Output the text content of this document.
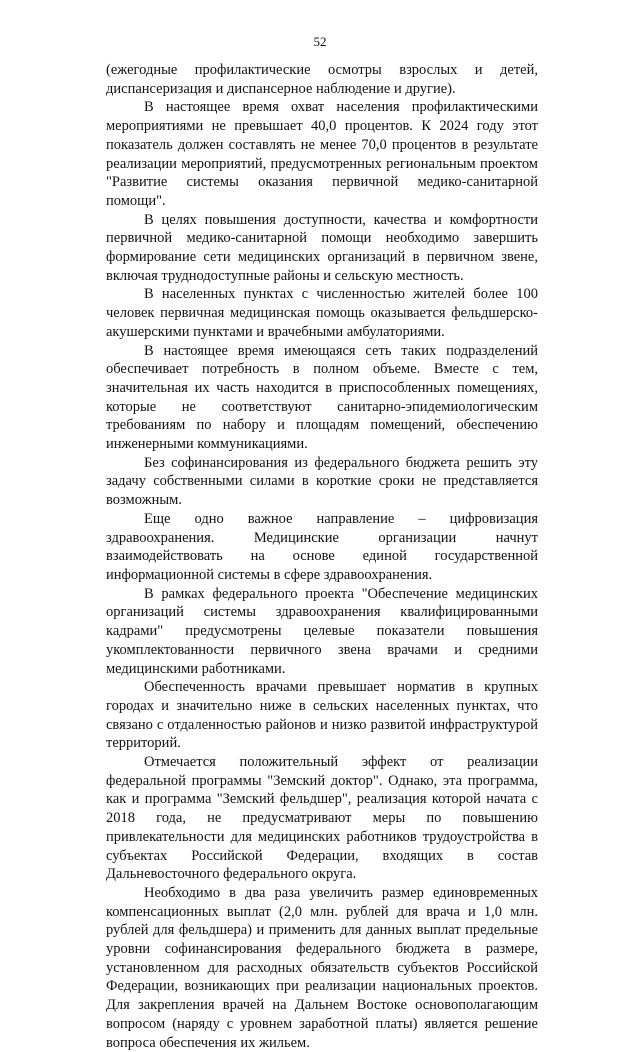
52

(ежегодные профилактические осмотры взрослых и детей, диспансеризация и диспансерное наблюдение и другие).

В настоящее время охват населения профилактическими мероприятиями не превышает 40,0 процентов. К 2024 году этот показатель должен составлять не менее 70,0 процентов в результате реализации мероприятий, предусмотренных региональным проектом "Развитие системы оказания первичной медико-санитарной помощи".

В целях повышения доступности, качества и комфортности первичной медико-санитарной помощи необходимо завершить формирование сети медицинских организаций в первичном звене, включая труднодоступные районы и сельскую местность.

В населенных пунктах с численностью жителей более 100 человек первичная медицинская помощь оказывается фельдшерско-акушерскими пунктами и врачебными амбулаториями.

В настоящее время имеющаяся сеть таких подразделений обеспечивает потребность в полном объеме. Вместе с тем, значительная их часть находится в приспособленных помещениях, которые не соответствуют санитарно-эпидемиологическим требованиям по набору и площадям помещений, обеспечению инженерными коммуникациями.

Без софинансирования из федерального бюджета решить эту задачу собственными силами в короткие сроки не представляется возможным.

Еще одно важное направление – цифровизация здравоохранения. Медицинские организации начнут взаимодействовать на основе единой государственной информационной системы в сфере здравоохранения.

В рамках федерального проекта "Обеспечение медицинских организаций системы здравоохранения квалифицированными кадрами" предусмотрены целевые показатели повышения укомплектованности первичного звена врачами и средними медицинскими работниками.

Обеспеченность врачами превышает норматив в крупных городах и значительно ниже в сельских населенных пунктах, что связано с отдаленностью районов и низко развитой инфраструктурой территорий.

Отмечается положительный эффект от реализации федеральной программы "Земский доктор". Однако, эта программа, как и программа "Земский фельдшер", реализация которой начата с 2018 года, не предусматривают меры по повышению привлекательности для медицинских работников трудоустройства в субъектах Российской Федерации, входящих в состав Дальневосточного федерального округа.

Необходимо в два раза увеличить размер единовременных компенсационных выплат (2,0 млн. рублей для врача и 1,0 млн. рублей для фельдшера) и применить для данных выплат предельные уровни софинансирования федерального бюджета в размере, установленном для расходных обязательств субъектов Российской Федерации, возникающих при реализации национальных проектов. Для закрепления врачей на Дальнем Востоке основополагающим вопросом (наряду с уровнем заработной платы) является решение вопроса обеспечения их жильем.
